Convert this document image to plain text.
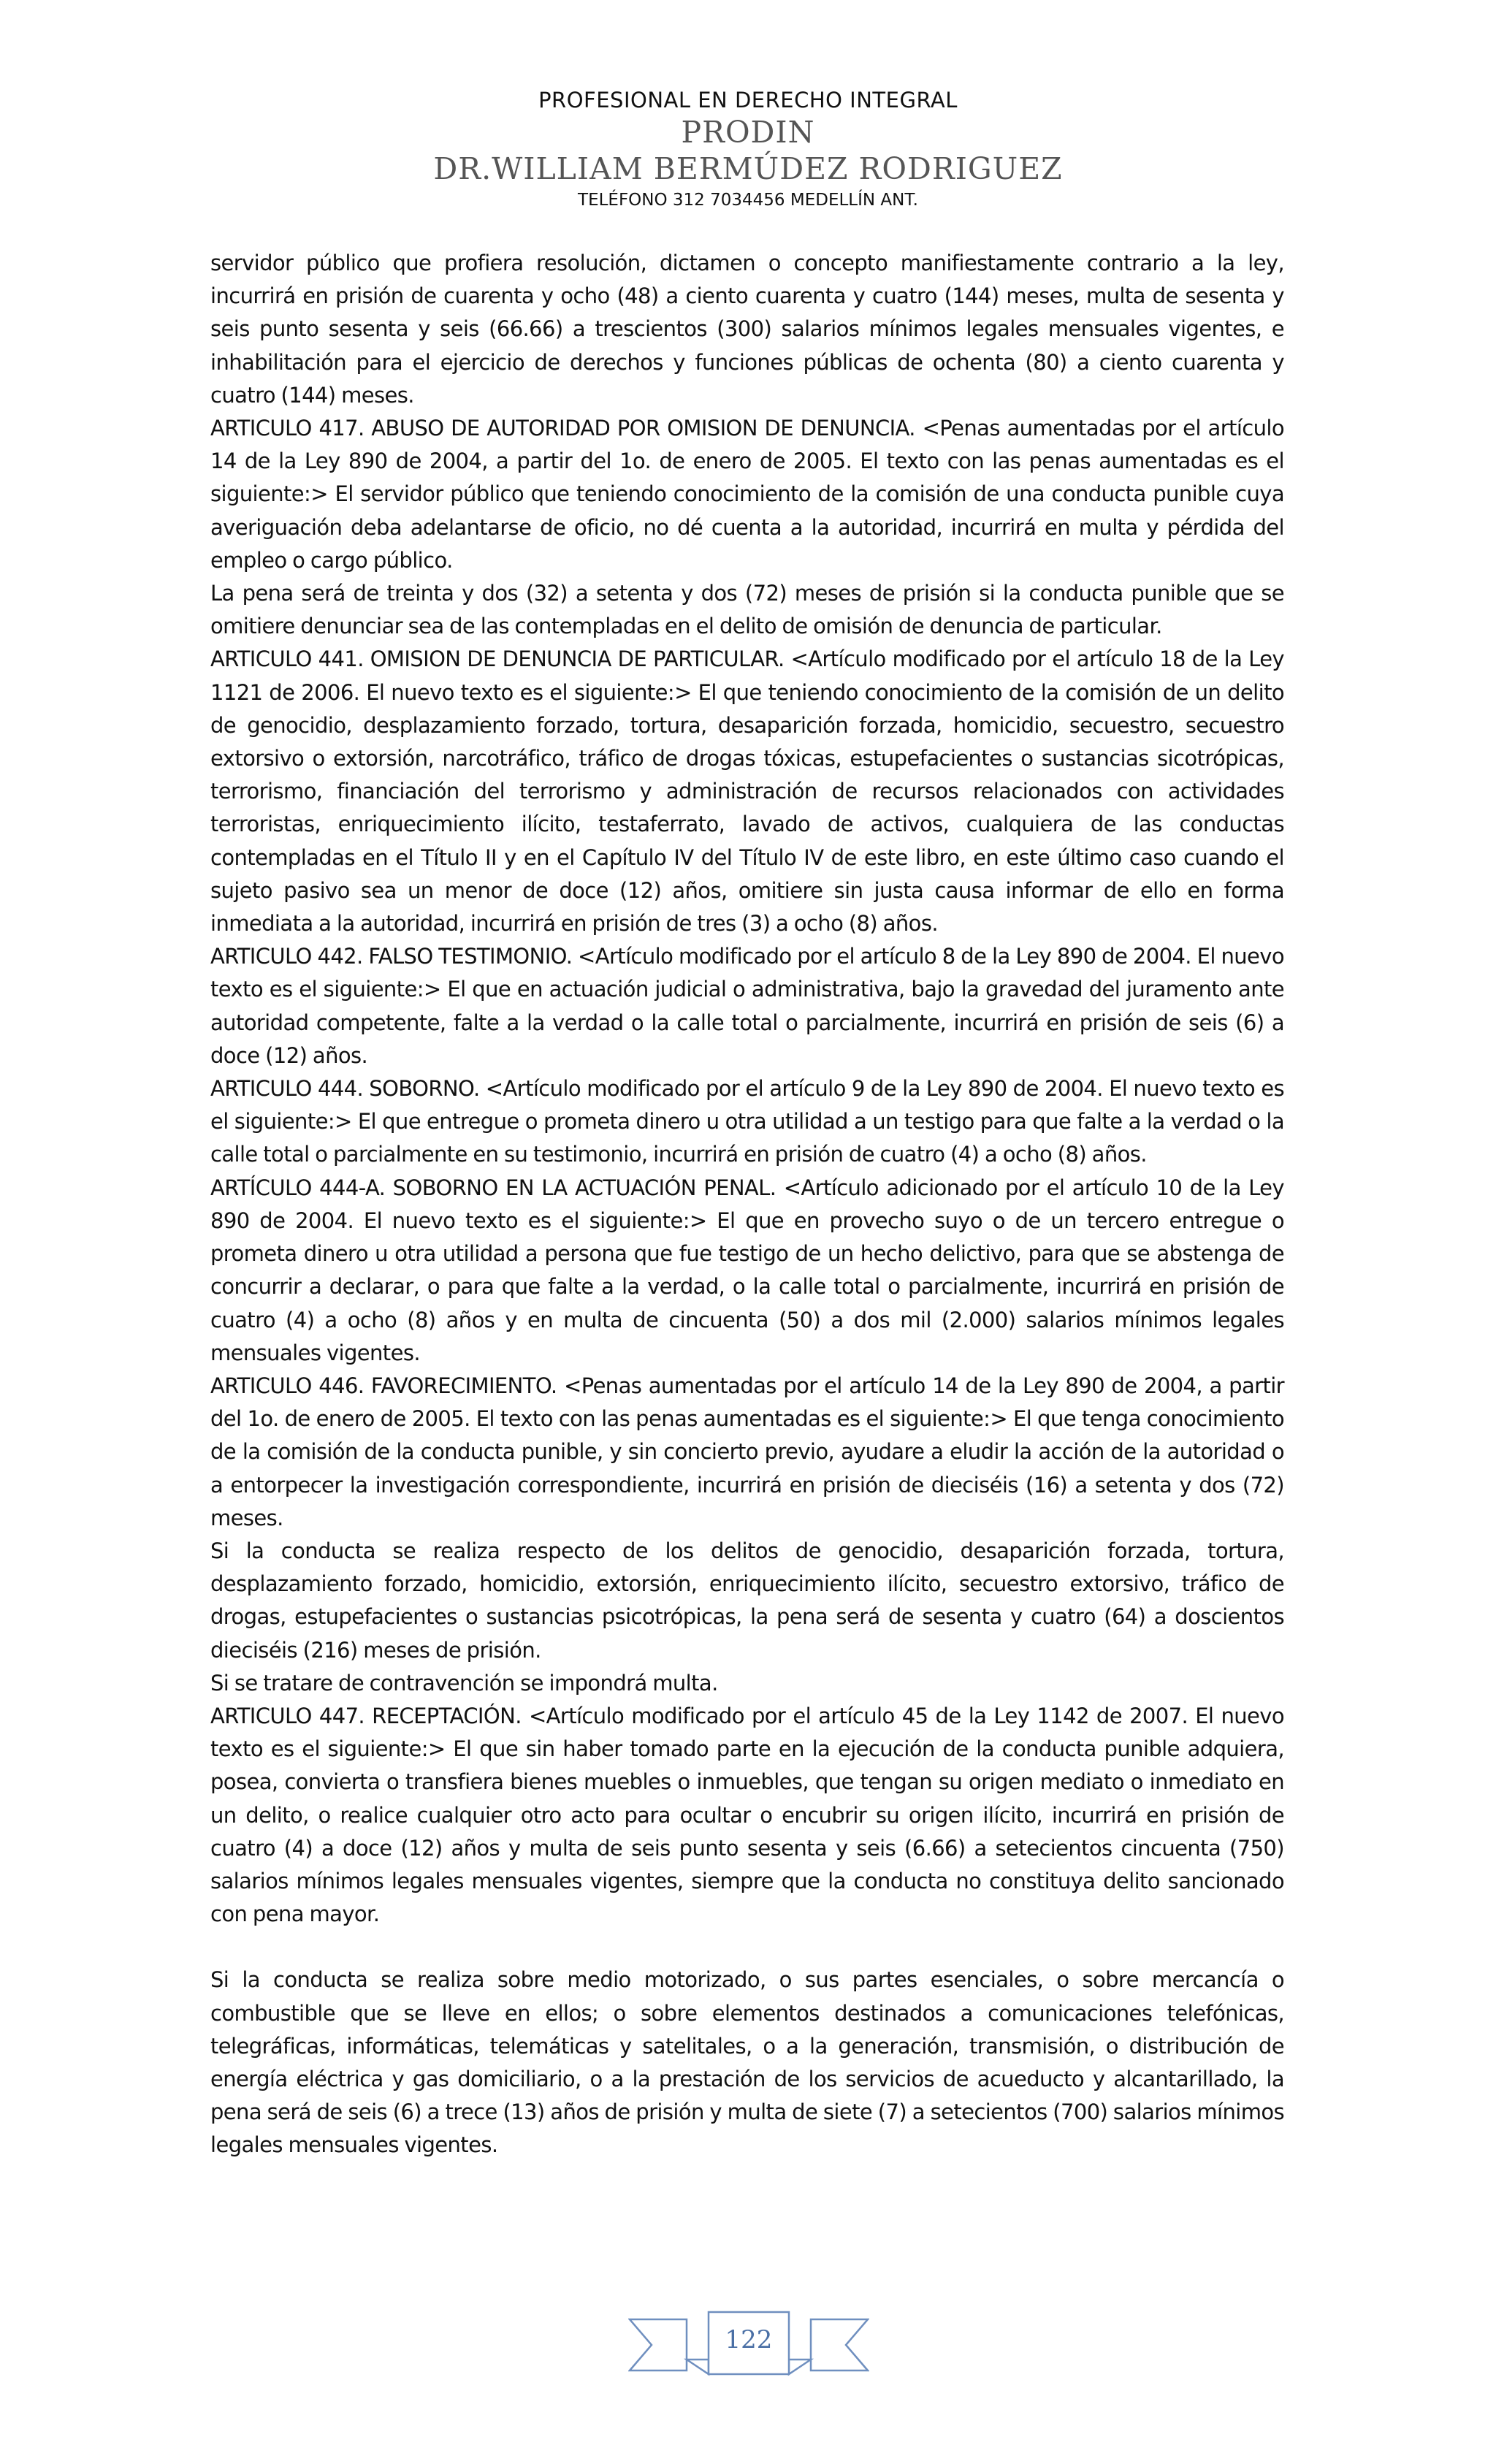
PROFESIONAL EN DERECHO INTEGRAL
PRODIN
DR.WILLIAM BERMÚDEZ RODRIGUEZ
TELÉFONO 312 7034456 MEDELLÍN ANT.

servidor público que profiera resolución, dictamen o concepto manifiestamente contrario a la ley, incurrirá en prisión de cuarenta y ocho (48) a ciento cuarenta y cuatro (144) meses, multa de sesenta y seis punto sesenta y seis (66.66) a trescientos (300) salarios mínimos legales mensuales vigentes, e inhabilitación para el ejercicio de derechos y funciones públicas de ochenta (80) a ciento cuarenta y cuatro (144) meses.

ARTICULO 417. ABUSO DE AUTORIDAD POR OMISION DE DENUNCIA. <Penas aumentadas por el artículo 14 de la Ley 890 de 2004, a partir del 1o. de enero de 2005. El texto con las penas aumentadas es el siguiente:> El servidor público que teniendo conocimiento de la comisión de una conducta punible cuya averiguación deba adelantarse de oficio, no dé cuenta a la autoridad, incurrirá en multa y pérdida del empleo o cargo público.

La pena será de treinta y dos (32) a setenta y dos (72) meses de prisión si la conducta punible que se omitiere denunciar sea de las contempladas en el delito de omisión de denuncia de particular.

ARTICULO 441. OMISION DE DENUNCIA DE PARTICULAR. <Artículo modificado por el artículo 18 de la Ley 1121 de 2006. El nuevo texto es el siguiente:> El que teniendo conocimiento de la comisión de un delito de genocidio, desplazamiento forzado, tortura, desaparición forzada, homicidio, secuestro, secuestro extorsivo o extorsión, narcotráfico, tráfico de drogas tóxicas, estupefacientes o sustancias sicotrópicas, terrorismo, financiación del terrorismo y administración de recursos relacionados con actividades terroristas, enriquecimiento ilícito, testaferrato, lavado de activos, cualquiera de las conductas contempladas en el Título II y en el Capítulo IV del Título IV de este libro, en este último caso cuando el sujeto pasivo sea un menor de doce (12) años, omitiere sin justa causa informar de ello en forma inmediata a la autoridad, incurrirá en prisión de tres (3) a ocho (8) años.

ARTICULO 442. FALSO TESTIMONIO. <Artículo modificado por el artículo 8 de la Ley 890 de 2004. El nuevo texto es el siguiente:> El que en actuación judicial o administrativa, bajo la gravedad del juramento ante autoridad competente, falte a la verdad o la calle total o parcialmente, incurrirá en prisión de seis (6) a doce (12) años.

ARTICULO 444. SOBORNO. <Artículo modificado por el artículo 9 de la Ley 890 de 2004. El nuevo texto es el siguiente:> El que entregue o prometa dinero u otra utilidad a un testigo para que falte a la verdad o la calle total o parcialmente en su testimonio, incurrirá en prisión de cuatro (4) a ocho (8) años.

ARTÍCULO 444-A. SOBORNO EN LA ACTUACIÓN PENAL. <Artículo adicionado por el artículo 10 de la Ley 890 de 2004. El nuevo texto es el siguiente:> El que en provecho suyo o de un tercero entregue o prometa dinero u otra utilidad a persona que fue testigo de un hecho delictivo, para que se abstenga de concurrir a declarar, o para que falte a la verdad, o la calle total o parcialmente, incurrirá en prisión de cuatro (4) a ocho (8) años y en multa de cincuenta (50) a dos mil (2.000) salarios mínimos legales mensuales vigentes.

ARTICULO 446. FAVORECIMIENTO. <Penas aumentadas por el artículo 14 de la Ley 890 de 2004, a partir del 1o. de enero de 2005. El texto con las penas aumentadas es el siguiente:> El que tenga conocimiento de la comisión de la conducta punible, y sin concierto previo, ayudare a eludir la acción de la autoridad o a entorpecer la investigación correspondiente, incurrirá en prisión de dieciséis (16) a setenta y dos (72) meses.

Si la conducta se realiza respecto de los delitos de genocidio, desaparición forzada, tortura, desplazamiento forzado, homicidio, extorsión, enriquecimiento ilícito, secuestro extorsivo, tráfico de drogas, estupefacientes o sustancias psicotrópicas, la pena será de sesenta y cuatro (64) a doscientos dieciséis (216) meses de prisión.

Si se tratare de contravención se impondrá multa.

ARTICULO 447. RECEPTACIÓN. <Artículo modificado por el artículo 45 de la Ley 1142 de 2007. El nuevo texto es el siguiente:> El que sin haber tomado parte en la ejecución de la conducta punible adquiera, posea, convierta o transfiera bienes muebles o inmuebles, que tengan su origen mediato o inmediato en un delito, o realice cualquier otro acto para ocultar o encubrir su origen ilícito, incurrirá en prisión de cuatro (4) a doce (12) años y multa de seis punto sesenta y seis (6.66) a setecientos cincuenta (750) salarios mínimos legales mensuales vigentes, siempre que la conducta no constituya delito sancionado con pena mayor.

Si la conducta se realiza sobre medio motorizado, o sus partes esenciales, o sobre mercancía o combustible que se lleve en ellos; o sobre elementos destinados a comunicaciones telefónicas, telegráficas, informáticas, telemáticas y satelitales, o a la generación, transmisión, o distribución de energía eléctrica y gas domiciliario, o a la prestación de los servicios de acueducto y alcantarillado, la pena será de seis (6) a trece (13) años de prisión y multa de siete (7) a setecientos (700) salarios mínimos legales mensuales vigentes.

122
